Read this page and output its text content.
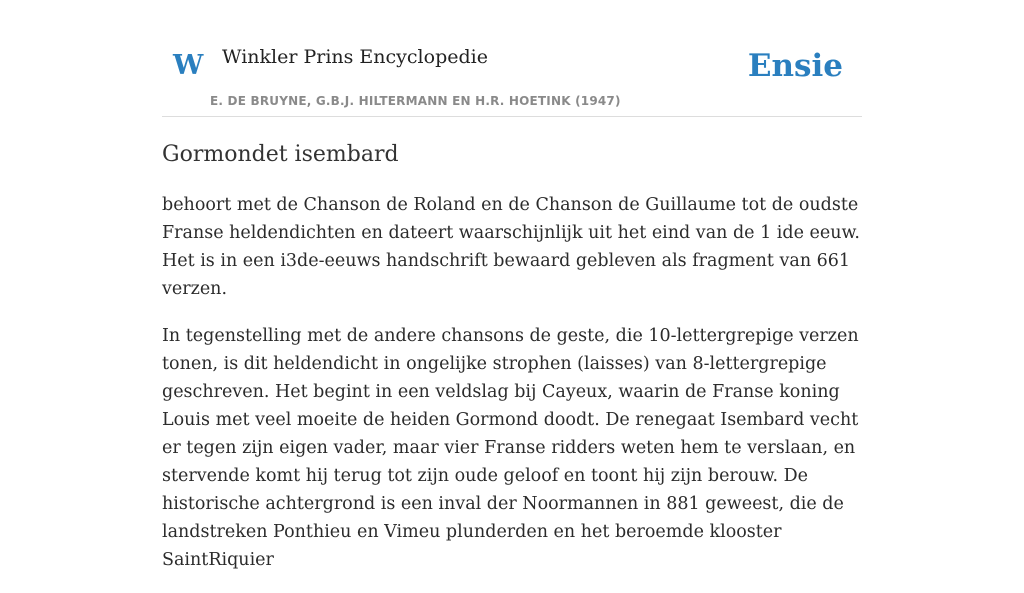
W Winkler Prins Encyclopedie
E. DE BRUYNE, G.B.J. HILTERMANN EN H.R. HOETINK (1947)
Ensie
Gormondet isembard

behoort met de Chanson de Roland en de Chanson de Guillaume tot de oudste Franse heldendichten en dateert waarschijnlijk uit het eind van de 1 ide eeuw. Het is in een i3de-eeuws handschrift bewaard gebleven als fragment van 661 verzen.

In tegenstelling met de andere chansons de geste, die 10-lettergrepige verzen tonen, is dit heldendicht in ongelijke strophen (laisses) van 8-lettergrepige geschreven. Het begint in een veldslag bij Cayeux, waarin de Franse koning Louis met veel moeite de heiden Gormond doodt. De renegaat Isembard vecht er tegen zijn eigen vader, maar vier Franse ridders weten hem te verslaan, en stervende komt hij terug tot zijn oude geloof en toont hij zijn berouw. De historische achtergrond is een inval der Noormannen in 881 geweest, die de landstreken Ponthieu en Vimeu plunderden en het beroemde klooster SaintRiquier
